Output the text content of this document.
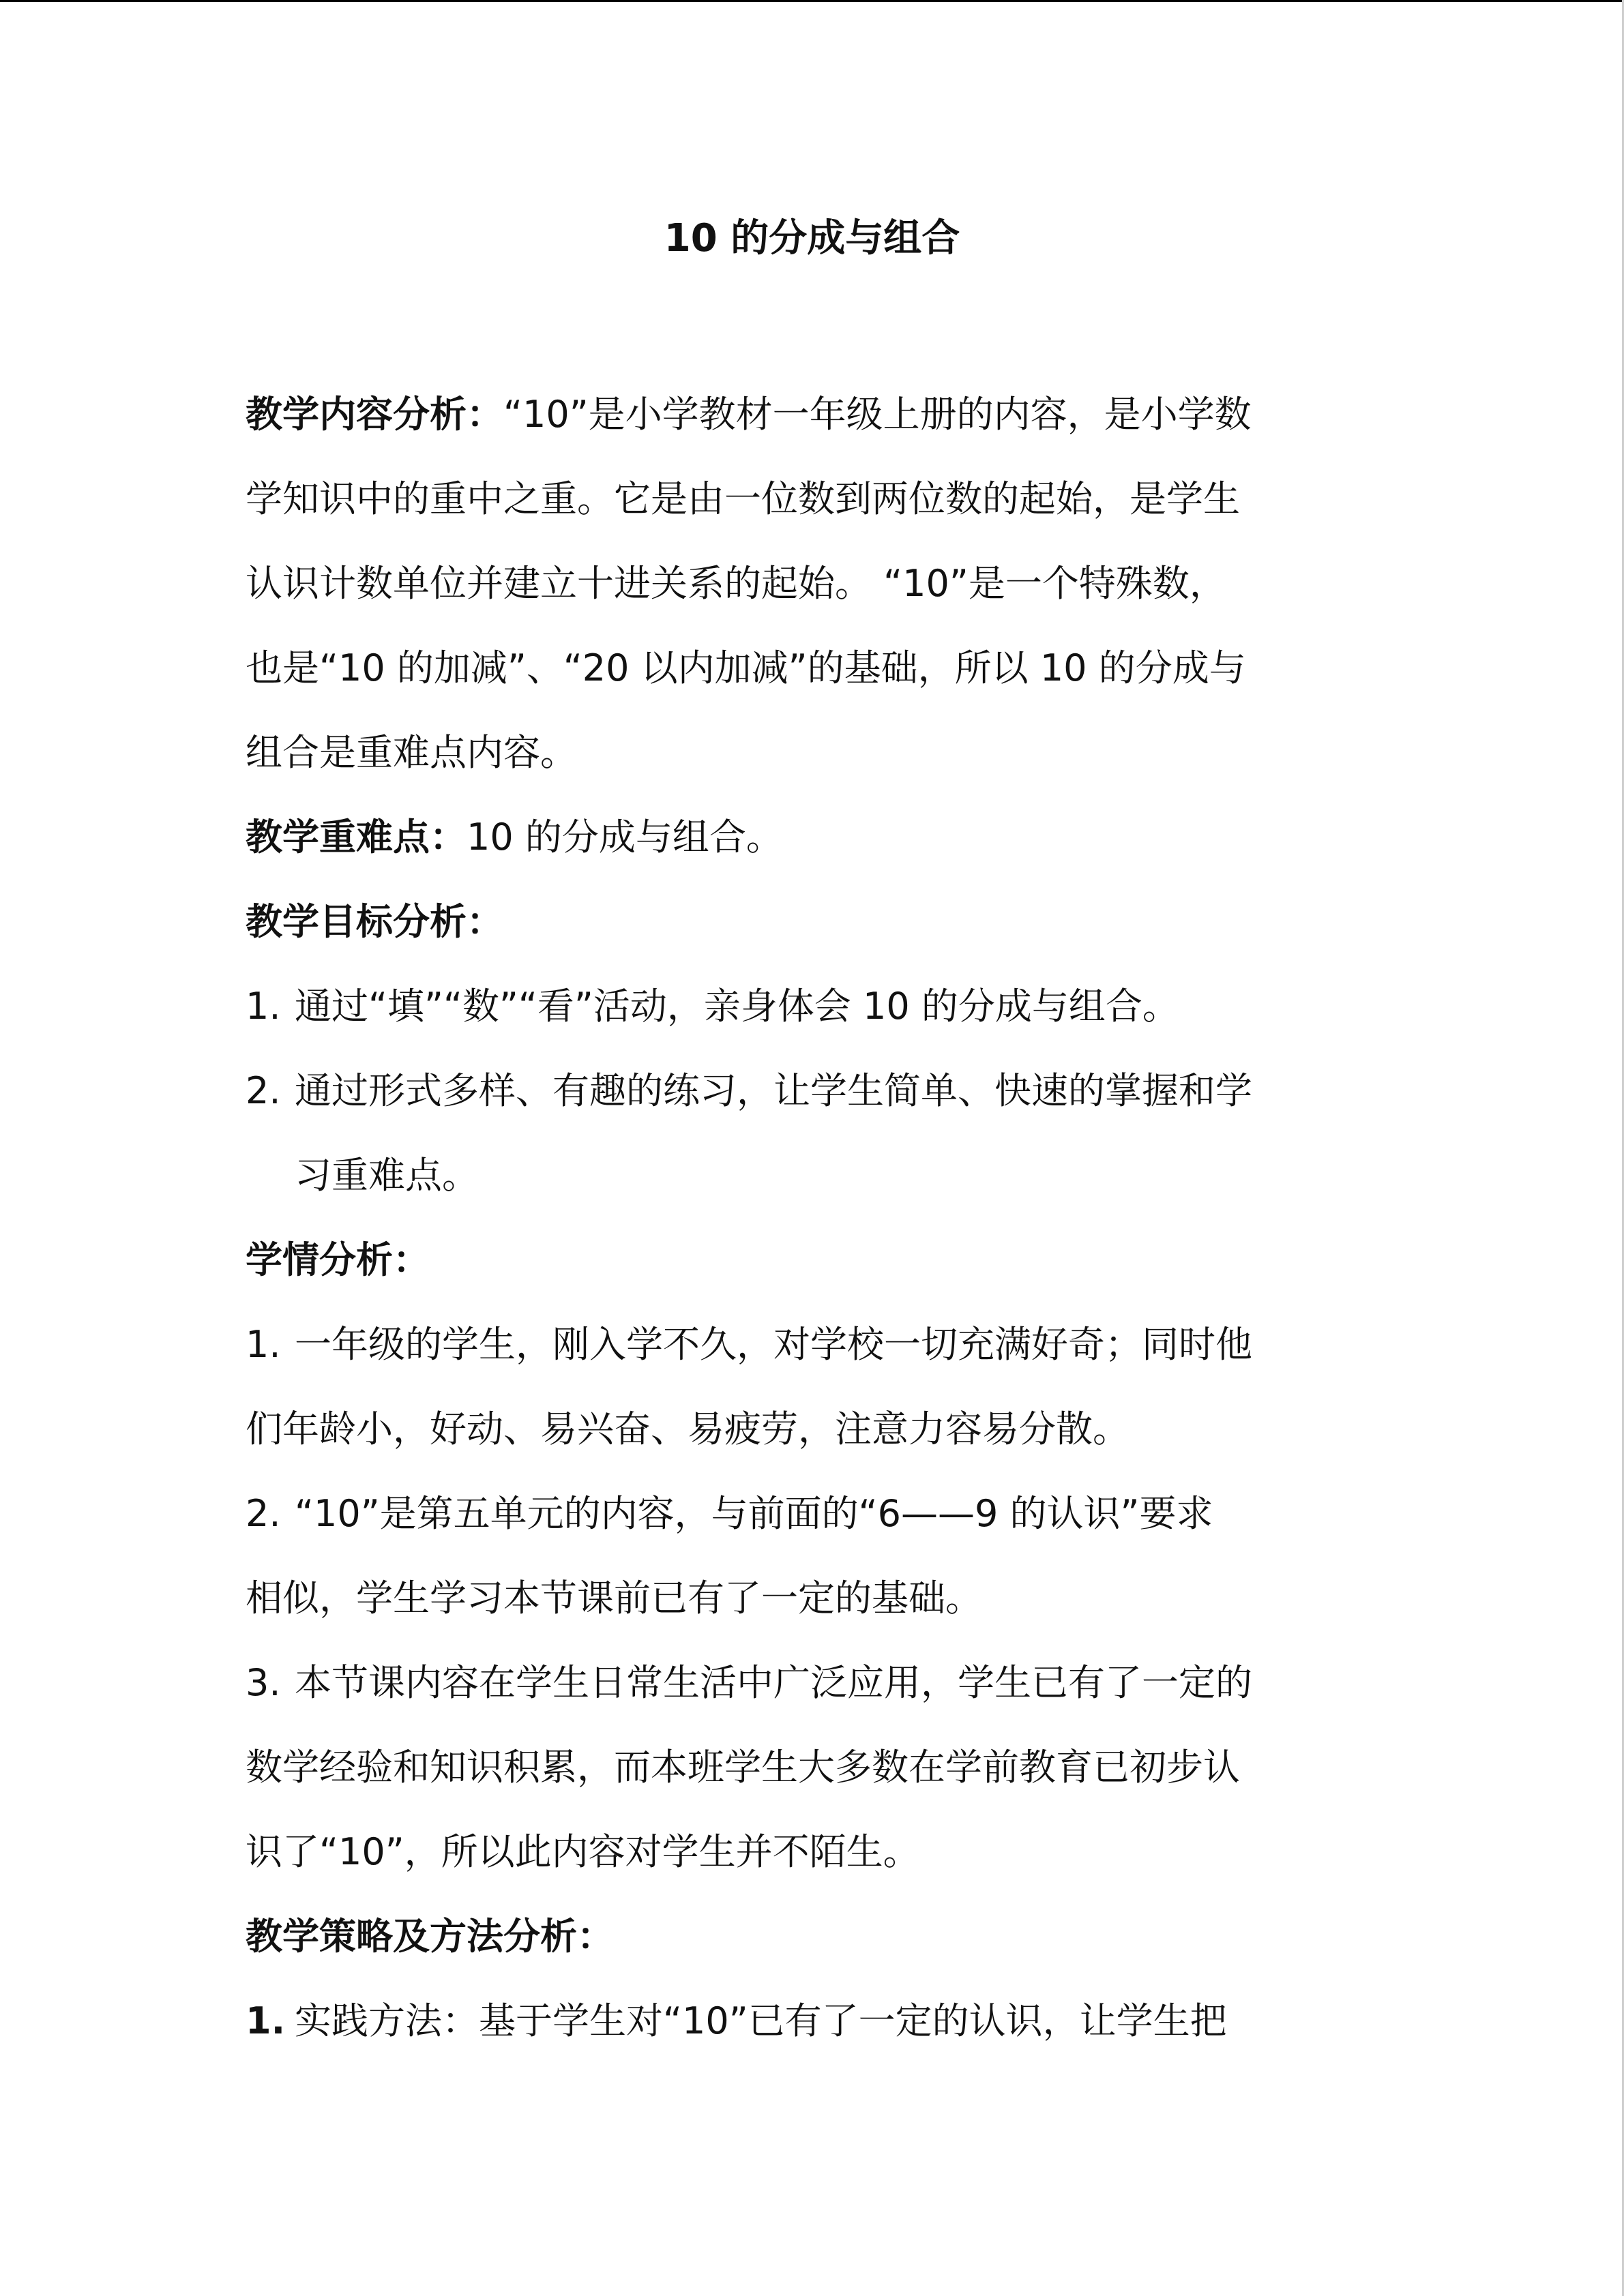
10 的分成与组合

教学内容分析：“10”是小学教材一年级上册的内容，是小学数
学知识中的重中之重。它是由一位数到两位数的起始，是学生
认识计数单位并建立十进关系的起始。 “10”是一个特殊数，
也是“10 的加减”、“20 以内加减”的基础，所以 10 的分成与
组合是重难点内容。

教学重难点：10 的分成与组合。

教学目标分析：

1. 通过“填”“数”“看”活动，亲身体会 10 的分成与组合。

2. 通过形式多样、有趣的练习，让学生简单、快速的掌握和学
习重难点。

学情分析：

1. 一年级的学生，刚入学不久，对学校一切充满好奇；同时他
们年龄小，好动、易兴奋、易疲劳，注意力容易分散。

2. “10”是第五单元的内容，与前面的“6——9 的认识”要求
相似，学生学习本节课前已有了一定的基础。

3. 本节课内容在学生日常生活中广泛应用，学生已有了一定的
数学经验和知识积累，而本班学生大多数在学前教育已初步认
识了“10”，所以此内容对学生并不陌生。

教学策略及方法分析：

1. 实践方法：基于学生对“10”已有了一定的认识，让学生把
